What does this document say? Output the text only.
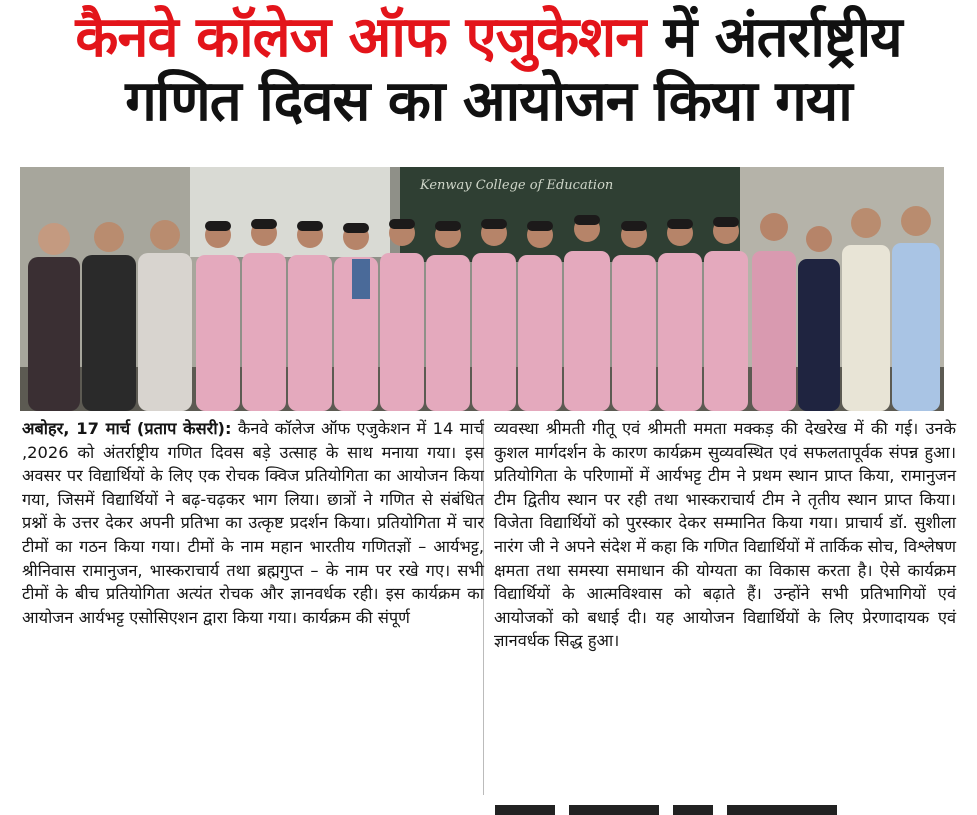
कैनवे कॉलेज ऑफ एजुकेशन में अंतर्राष्ट्रीय
गणित दिवस का आयोजन किया गया
Kenway College of Education

अबोहर, 17 मार्च (प्रताप केसरी): कैनवे कॉलेज ऑफ एजुकेशन में 14 मार्च ,2026 को अंतर्राष्ट्रीय गणित दिवस बड़े उत्साह के साथ मनाया गया। इस अवसर पर विद्यार्थियों के लिए एक रोचक क्विज प्रतियोगिता का आयोजन किया गया, जिसमें विद्यार्थियों ने बढ़-चढ़कर भाग लिया। छात्रों ने गणित से संबंधित प्रश्नों के उत्तर देकर अपनी प्रतिभा का उत्कृष्ट प्रदर्शन किया। प्रतियोगिता में चार टीमों का गठन किया गया। टीमों के नाम महान भारतीय गणितज्ञों – आर्यभट्ट, श्रीनिवास रामानुजन, भास्कराचार्य तथा ब्रह्मगुप्त – के नाम पर रखे गए। सभी टीमों के बीच प्रतियोगिता अत्यंत रोचक और ज्ञानवर्धक रही। इस कार्यक्रम का आयोजन आर्यभट्ट एसोसिएशन द्वारा किया गया। कार्यक्रम की संपूर्ण

व्यवस्था श्रीमती गीतू एवं श्रीमती ममता मक्कड़ की देखरेख में की गई। उनके कुशल मार्गदर्शन के कारण कार्यक्रम सुव्यवस्थित एवं सफलतापूर्वक संपन्न हुआ। प्रतियोगिता के परिणामों में आर्यभट्ट टीम ने प्रथम स्थान प्राप्त किया, रामानुजन टीम द्वितीय स्थान पर रही तथा भास्कराचार्य टीम ने तृतीय स्थान प्राप्त किया। विजेता विद्यार्थियों को पुरस्कार देकर सम्मानित किया गया। प्राचार्य डॉ. सुशीला नारंग जी ने अपने संदेश में कहा कि गणित विद्यार्थियों में तार्किक सोच, विश्लेषण क्षमता तथा समस्या समाधान की योग्यता का विकास करता है। ऐसे कार्यक्रम विद्यार्थियों के आत्मविश्वास को बढ़ाते हैं। उन्होंने सभी प्रतिभागियों एवं आयोजकों को बधाई दी। यह आयोजन विद्यार्थियों के लिए प्रेरणादायक एवं ज्ञानवर्धक सिद्ध हुआ।
